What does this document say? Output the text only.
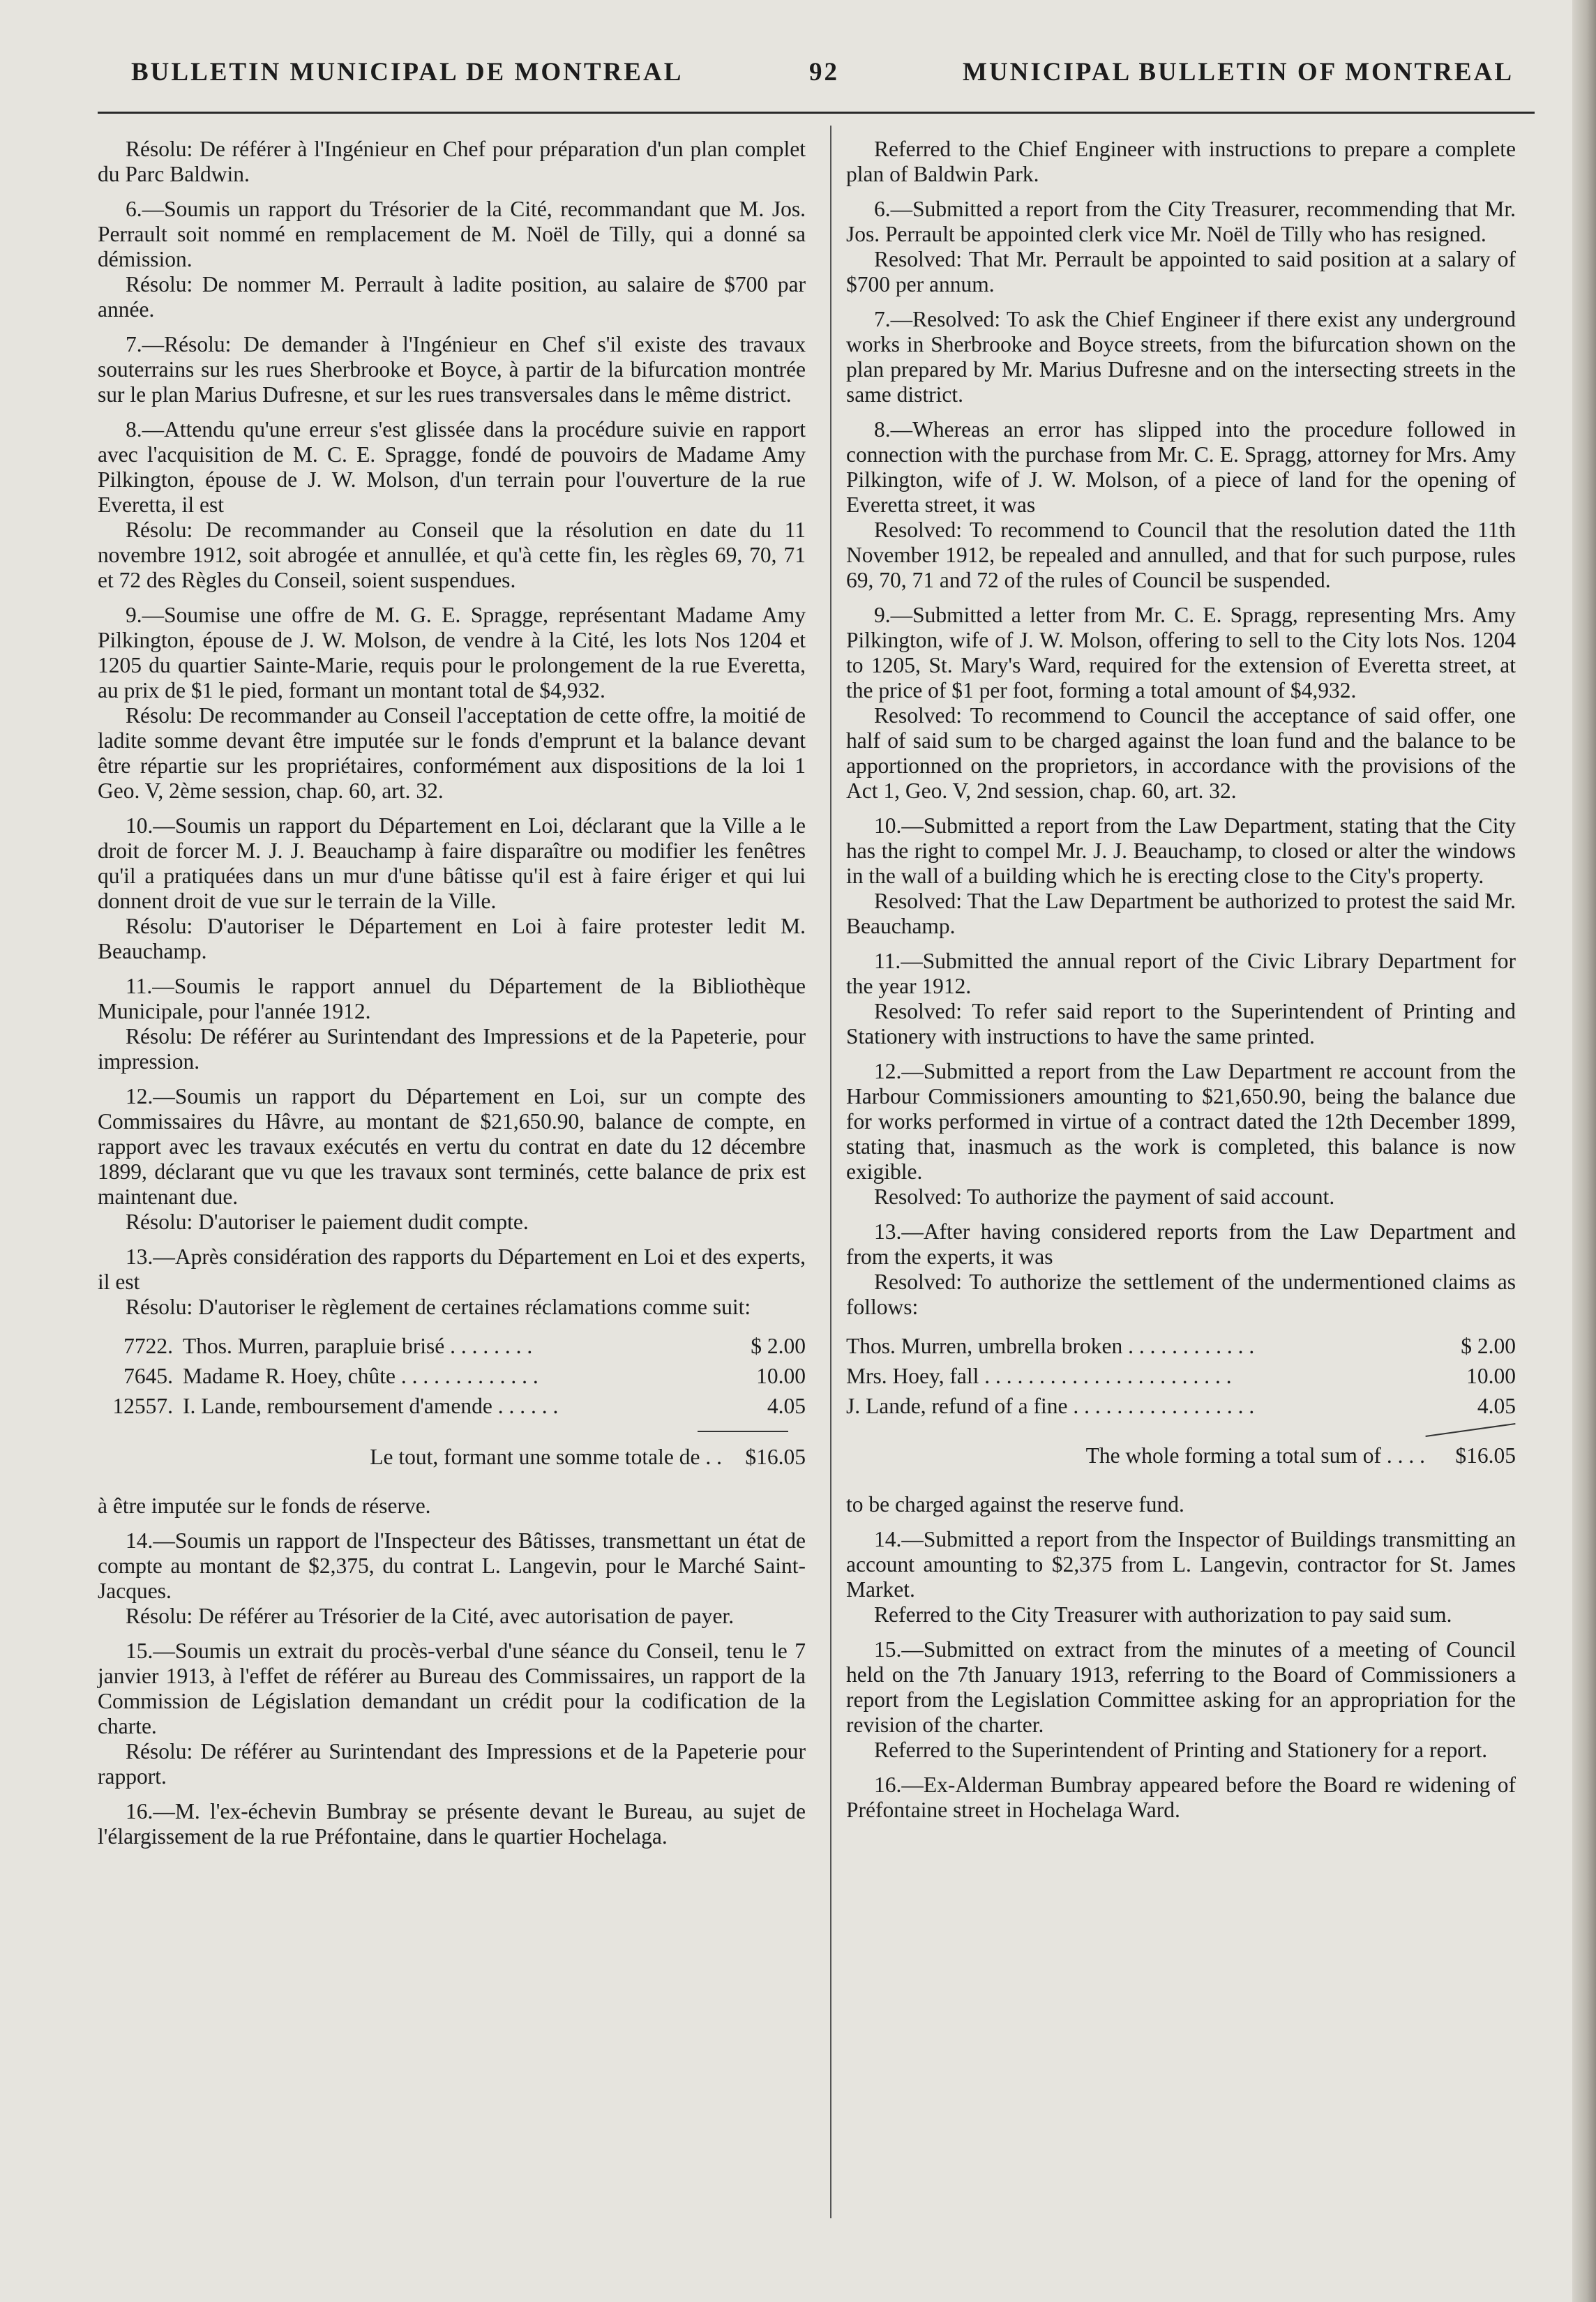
BULLETIN MUNICIPAL DE MONTREAL	92	MUNICIPAL BULLETIN OF MONTREAL

Résolu: De référer à l'Ingénieur en Chef pour préparation d'un plan complet du Parc Baldwin.

6.—Soumis un rapport du Trésorier de la Cité, recommandant que M. Jos. Perrault soit nommé en remplacement de M. Noël de Tilly, qui a donné sa démission.

Résolu: De nommer M. Perrault à ladite position, au salaire de $700 par année.

7.—Résolu: De demander à l'Ingénieur en Chef s'il existe des travaux souterrains sur les rues Sherbrooke et Boyce, à partir de la bifurcation montrée sur le plan Marius Dufresne, et sur les rues transversales dans le même district.

8.—Attendu qu'une erreur s'est glissée dans la procédure suivie en rapport avec l'acquisition de M. C. E. Spragge, fondé de pouvoirs de Madame Amy Pilkington, épouse de J. W. Molson, d'un terrain pour l'ouverture de la rue Everetta, il est

Résolu: De recommander au Conseil que la résolution en date du 11 novembre 1912, soit abrogée et annullée, et qu'à cette fin, les règles 69, 70, 71 et 72 des Règles du Conseil, soient suspendues.

9.—Soumise une offre de M. G. E. Spragge, représentant Madame Amy Pilkington, épouse de J. W. Molson, de vendre à la Cité, les lots Nos 1204 et 1205 du quartier Sainte-Marie, requis pour le prolongement de la rue Everetta, au prix de $1 le pied, formant un montant total de $4,932.

Résolu: De recommander au Conseil l'acceptation de cette offre, la moitié de ladite somme devant être imputée sur le fonds d'emprunt et la balance devant être répartie sur les propriétaires, conformément aux dispositions de la loi 1 Geo. V, 2ème session, chap. 60, art. 32.

10.—Soumis un rapport du Département en Loi, déclarant que la Ville a le droit de forcer M. J. J. Beauchamp à faire disparaître ou modifier les fenêtres qu'il a pratiquées dans un mur d'une bâtisse qu'il est à faire ériger et qui lui donnent droit de vue sur le terrain de la Ville.

Résolu: D'autoriser le Département en Loi à faire protester ledit M. Beauchamp.

11.—Soumis le rapport annuel du Département de la Bibliothèque Municipale, pour l'année 1912.

Résolu: De référer au Surintendant des Impressions et de la Papeterie, pour impression.

12.—Soumis un rapport du Département en Loi, sur un compte des Commissaires du Hâvre, au montant de $21,650.90, balance de compte, en rapport avec les travaux exécutés en vertu du contrat en date du 12 décembre 1899, déclarant que vu que les travaux sont terminés, cette balance de prix est maintenant due.

Résolu: D'autoriser le paiement dudit compte.

13.—Après considération des rapports du Département en Loi et des experts, il est

Résolu: D'autoriser le règlement de certaines réclamations comme suit:

7722. Thos. Murren, parapluie brisé . . . . . . . .	$ 2.00
7645. Madame R. Hoey, chûte . . . . . . . . . . . . .	10.00
12557. I. Lande, remboursement d'amende . . . . . .	4.05
Le tout, formant une somme totale de . .	$16.05

à être imputée sur le fonds de réserve.

14.—Soumis un rapport de l'Inspecteur des Bâtisses, transmettant un état de compte au montant de $2,375, du contrat L. Langevin, pour le Marché Saint-Jacques.

Résolu: De référer au Trésorier de la Cité, avec autorisation de payer.

15.—Soumis un extrait du procès-verbal d'une séance du Conseil, tenu le 7 janvier 1913, à l'effet de référer au Bureau des Commissaires, un rapport de la Commission de Législation demandant un crédit pour la codification de la charte.

Résolu: De référer au Surintendant des Impressions et de la Papeterie pour rapport.

16.—M. l'ex-échevin Bumbray se présente devant le Bureau, au sujet de l'élargissement de la rue Préfontaine, dans le quartier Hochelaga.

Referred to the Chief Engineer with instructions to prepare a complete plan of Baldwin Park.

6.—Submitted a report from the City Treasurer, recommending that Mr. Jos. Perrault be appointed clerk vice Mr. Noël de Tilly who has resigned.

Resolved: That Mr. Perrault be appointed to said position at a salary of $700 per annum.

7.—Resolved: To ask the Chief Engineer if there exist any underground works in Sherbrooke and Boyce streets, from the bifurcation shown on the plan prepared by Mr. Marius Dufresne and on the intersecting streets in the same district.

8.—Whereas an error has slipped into the procedure followed in connection with the purchase from Mr. C. E. Spragg, attorney for Mrs. Amy Pilkington, wife of J. W. Molson, of a piece of land for the opening of Everetta street, it was

Resolved: To recommend to Council that the resolution dated the 11th November 1912, be repealed and annulled, and that for such purpose, rules 69, 70, 71 and 72 of the rules of Council be suspended.

9.—Submitted a letter from Mr. C. E. Spragg, representing Mrs. Amy Pilkington, wife of J. W. Molson, offering to sell to the City lots Nos. 1204 to 1205, St. Mary's Ward, required for the extension of Everetta street, at the price of $1 per foot, forming a total amount of $4,932.

Resolved: To recommend to Council the acceptance of said offer, one half of said sum to be charged against the loan fund and the balance to be apportionned on the proprietors, in accordance with the provisions of the Act 1, Geo. V, 2nd session, chap. 60, art. 32.

10.—Submitted a report from the Law Department, stating that the City has the right to compel Mr. J. J. Beauchamp, to closed or alter the windows in the wall of a building which he is erecting close to the City's property.

Resolved: That the Law Department be authorized to protest the said Mr. Beauchamp.

11.—Submitted the annual report of the Civic Library Department for the year 1912.

Resolved: To refer said report to the Superintendent of Printing and Stationery with instructions to have the same printed.

12.—Submitted a report from the Law Department re account from the Harbour Commissioners amounting to $21,650.90, being the balance due for works performed in virtue of a contract dated the 12th December 1899, stating that, inasmuch as the work is completed, this balance is now exigible.

Resolved: To authorize the payment of said account.

13.—After having considered reports from the Law Department and from the experts, it was

Resolved: To authorize the settlement of the undermentioned claims as follows:

Thos. Murren, umbrella broken . . . . . . . . . . . .	$ 2.00
Mrs. Hoey, fall . . . . . . . . . . . . . . . . . . . . . . .	10.00
J. Lande, refund of a fine . . . . . . . . . . . . . . . . .	4.05
The whole forming a total sum of . . . .	$16.05

to be charged against the reserve fund.

14.—Submitted a report from the Inspector of Buildings transmitting an account amounting to $2,375 from L. Langevin, contractor for St. James Market.

Referred to the City Treasurer with authorization to pay said sum.

15.—Submitted on extract from the minutes of a meeting of Council held on the 7th January 1913, referring to the Board of Commissioners a report from the Legislation Committee asking for an appropriation for the revision of the charter.

Referred to the Superintendent of Printing and Stationery for a report.

16.—Ex-Alderman Bumbray appeared before the Board re widening of Préfontaine street in Hochelaga Ward.
